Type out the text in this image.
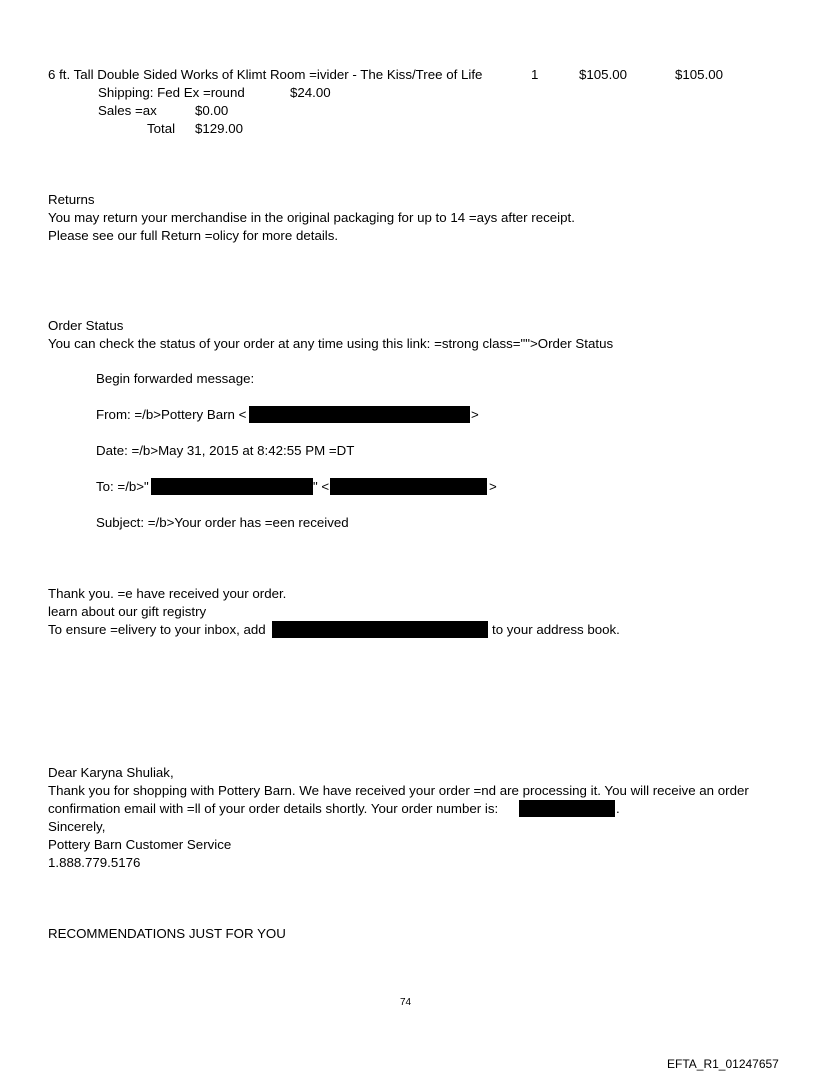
6 ft. Tall Double Sided Works of Klimt Room =ivider - The Kiss/Tree of Life	1	$105.00	$105.00
Shipping: Fed Ex =round	$24.00
Sales =ax	$0.00
Total $129.00
Returns
You may return your merchandise in the original packaging for up to 14 =ays after receipt.
Please see our full Return =olicy for more details.
Order Status
You can check the status of your order at any time using this link: =strong class="">Order Status
Begin forwarded message:
From: =/b>Pottery Barn <	>
Date: =/b>May 31, 2015 at 8:42:55 PM =DT
To: =/b>"	" <	>
Subject: =/b>Your order has =een received
Thank you. =e have received your order.
learn about our gift registry
To ensure =elivery to your inbox, add	to your address book.
Dear Karyna Shuliak,
Thank you for shopping with Pottery Barn. We have received your order =nd are processing it. You will receive an order
confirmation email with =ll of your order details shortly. Your order number is:	.
Sincerely,
Pottery Barn Customer Service
1.888.779.5176
RECOMMENDATIONS JUST FOR YOU
74
EFTA_R1_01247657
